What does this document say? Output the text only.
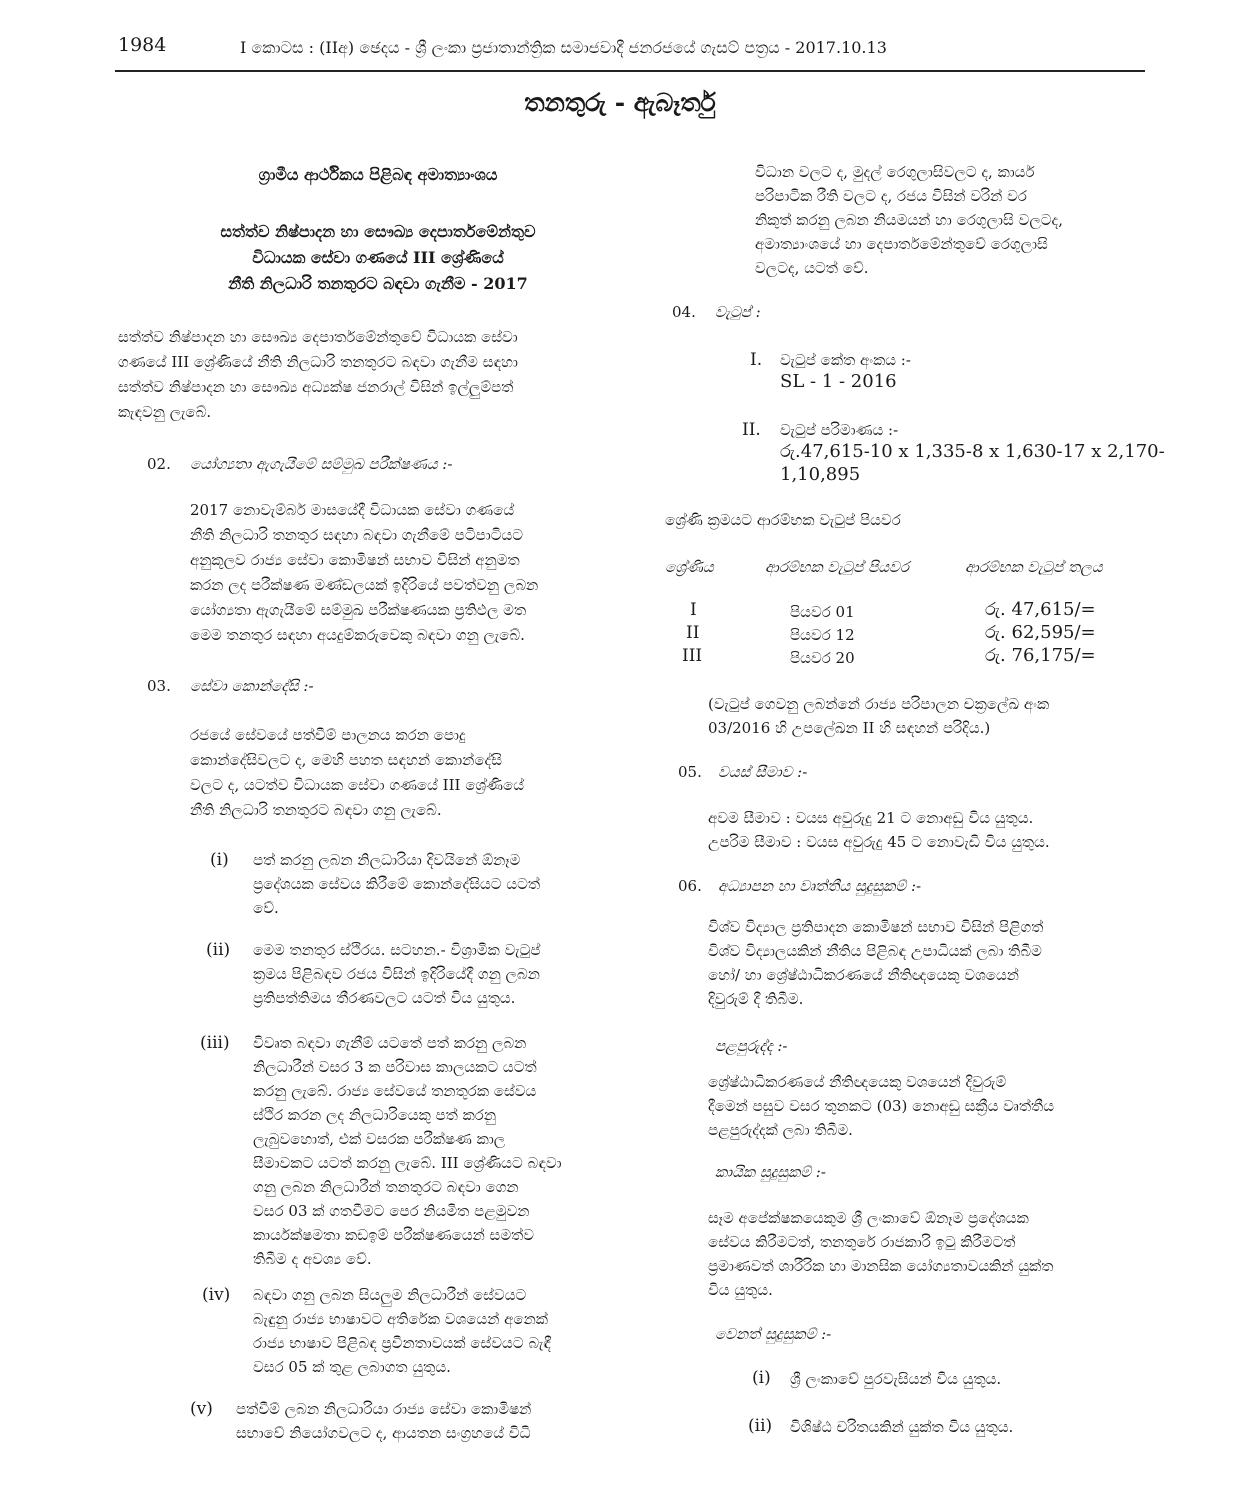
1984	I කොටස : (IIඅ) ඡෙදය - ශ්‍රී ලංකා ප්‍රජාතාන්ත්‍රික සමාජවාදී ජනරජයේ ගැසට් පත්‍රය - 2017.10.13
තනතුරු - ඇබෑර්තු
ග්‍රාමීය ආර්ථිකය පිළිබඳ අමාත්‍යාංශය
සත්ත්ව නිෂ්පාදන හා සෞඛ්‍ය දෙපාර්තමේන්තුව
විධායක සේවා ගණයේ III ශ්‍රේණියේ
නීති නිලධාරි තනතුරට බඳවා ගැනීම - 2017
සත්ත්ව නිෂ්පාදන හා සෞඛ්‍ය දෙපාර්තමේන්තුවේ විධායක සේවා
ගණයේ III ශ්‍රේණියේ නීති නිලධාරි තනතුරට බඳවා ගැනීම සඳහා
සත්ත්ව නිෂ්පාදන හා සෞඛ්‍ය අධ්‍යක්ෂ ජනරාල් විසින් ඉල්ලුම්පත්
කැඳවනු ලැබේ.
02. යෝග්‍යතා ඇගැයීමේ සම්මුඛ පරීක්ෂණය :-
2017 නොවැම්බර් මාසයේදී විධායක සේවා ගණයේ
නීති නිලධාරි තනතුර සඳහා බඳවා ගැනීමේ පටිපාටියට
අනුකූලව රාජ්‍ය සේවා කොමිෂන් සභාව විසින් අනුමත
කරන ලද පරීක්ෂණ මණ්ඩලයක් ඉදිරියේ පවත්වනු ලබන
යෝග්‍යතා ඇගැයීමේ සම්මුඛ පරීක්ෂණයක ප්‍රතිඵල මත
මෙම තනතුර සඳහා අයදුම්කරුවෙකු බඳවා ගනු ලැබේ.
03. සේවා කොන්දේසි :-
රජයේ සේවයේ පත්වීම් පාලනය කරන පොදු
කොන්දේසිවලට ද, මෙහි පහත සඳහන් කොන්දේසි
වලට ද, යටත්ව විධායක සේවා ගණයේ III ශ්‍රේණියේ
නීති නිලධාරි තනතුරට බඳවා ගනු ලැබේ.
(i) පත් කරනු ලබන නිලධාරියා දිවයිනේ ඕනෑම
ප්‍රදේශයක සේවය කිරීමේ කොන්දේසියට යටත්
වේ.
(ii) මෙම තනතුර ස්ථිරය. සටහන.- විශ්‍රාමික වැටුප්
ක්‍රමය පිළිබඳව රජය විසින් ඉදිරියේදී ගනු ලබන
ප්‍රතිපත්තිමය තීරණවලට යටත් විය යුතුය.
(iii) විවෘත බඳවා ගැනීම් යටතේ පත් කරනු ලබන
නිලධාරීන් වසර 3 ක පරිවාස කාලයකට යටත්
කරනු ලැබේ. රාජ්‍ය සේවයේ තනතුරක සේවය
ස්ථිර කරන ලද නිලධාරියෙකු පත් කරනු
ලැබුවහොත්, එක් වසරක පරීක්ෂණ කාල
සීමාවකට යටත් කරනු ලැබේ. III ශ්‍රේණියට බඳවා
ගනු ලබන නිලධාරීන් තනතුරට බඳවා ගෙන
වසර 03 ක් ගතවීමට පෙර නියමිත පළමුවන
කාර්යක්ෂමතා කඩඉම් පරීක්ෂණයෙන් සමත්ව
තිබීම ද අවශ්‍ය වේ.
(iv) බඳවා ගනු ලබන සියලුම නිලධාරීන් සේවයට
බැඳුනු රාජ්‍ය භාෂාවට අතිරේක වශයෙන් අනෙක්
රාජ්‍ය භාෂාව පිළිබඳ ප්‍රවීනතාවයක් සේවයට බැඳී
වසර 05 ක් තුළ ලබාගත යුතුය.
(v) පත්වීම් ලබන නිලධාරියා රාජ්‍ය සේවා කොමිෂන්
සභාවේ නියෝගවලට ද, ආයතන සංග්‍රහයේ විධි
විධාන වලට ද, මුදල් රෙගුලාසිවලට ද, කාර්ය
පරිපාටික රීති වලට ද, රජය විසින් වරින් වර
නිකුත් කරනු ලබන නියමයන් හා රෙගුලාසි වලටද,
අමාත්‍යාංශයේ හා දෙපාර්තමේන්තුවේ රෙගුලාසි
වලටද, යටත් වේ.
04. වැටුප් :
I. වැටුප් කේත අංකය :-
SL - 1 - 2016
II. වැටුප් පරිමාණය :-
රු.47,615-10 x 1,335-8 x 1,630-17 x 2,170-
1,10,895
ශ්‍රේණි ක්‍රමයට ආරම්භක වැටුප් පියවර
ශ්‍රේණිය	ආරම්භක වැටුප් පියවර	ආරම්භක වැටුප් තලය
I	පියවර 01	රු. 47,615/=
II	පියවර 12	රු. 62,595/=
III	පියවර 20	රු. 76,175/=
(වැටුප් ගෙවනු ලබන්නේ රාජ්‍ය පරිපාලන චක්‍රලේඛ අංක
03/2016 හි උපලේඛන II හි සඳහන් පරිදිය.)
05. වයස් සීමාව :-
අවම සීමාව : වයස අවුරුදු 21 ට නොඅඩු විය යුතුය.
උපරිම සීමාව : වයස අවුරුදු 45 ට නොවැඩි විය යුතුය.
06. අධ්‍යාපන හා වෘත්තීය සුදුසුකම් :-
විශ්ව විද්‍යාල ප්‍රතිපාදන කොමිෂන් සභාව විසින් පිළිගත්
විශ්ව විද්‍යාලයකින් නීතිය පිළිබඳ උපාධියක් ලබා තිබීම
හෝ/ හා ශ්‍රේෂ්ඨාධිකරණයේ නීතිඥයෙකු වශයෙන්
දිවුරුම් දී තිබීම.
පළපුරුද්ද :-
ශ්‍රේෂ්ඨාධිකරණයේ නීතිඥයෙකු වශයෙන් දිවුරුම්
දීමෙන් පසුව වසර තුනකට (03) නොඅඩු සක්‍රීය වෘත්තීය
පළපුරුද්දක් ලබා තිබීම.
කායික සුදුසුකම් :-
සෑම අපේක්ෂකයෙකුම ශ්‍රී ලංකාවේ ඕනෑම ප්‍රදේශයක
සේවය කිරීමටත්, තනතුරේ රාජකාරි ඉටු කිරීමටත්
ප්‍රමාණවත් ශාරීරික හා මානසික යෝග්‍යතාවයකින් යුක්ත
විය යුතුය.
වෙනත් සුදුසුකම් :-
(i) ශ්‍රී ලංකාවේ පුරවැසියන් විය යුතුය.
(ii) විශිෂ්ඨ චරිතයකින් යුක්ත විය යුතුය.
